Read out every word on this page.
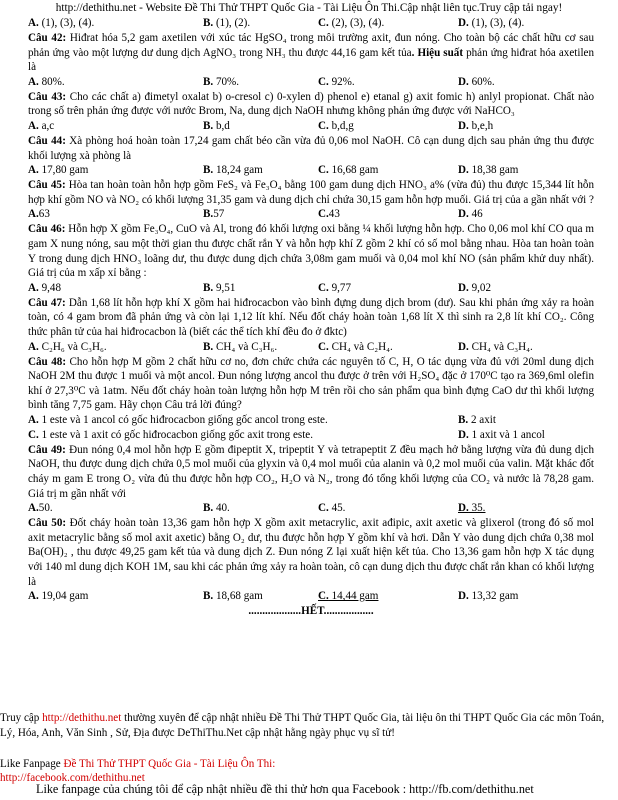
http://dethithu.net - Website Đề Thi Thử THPT Quốc Gia - Tài Liệu Ôn Thi.Cập nhật liên tục.Truy cập tải ngay!
A. (1), (3), (4).	B. (1), (2).	C. (2), (3), (4).	D. (1), (3), (4).

Câu 42: Hiđrat hóa 5,2 gam axetilen với xúc tác HgSO₄ trong môi trường axit, đun nóng. Cho toàn bộ các chất hữu cơ sau phản ứng vào một lượng dư dung dịch AgNO₃ trong NH₃ thu được 44,16 gam kết tủa. Hiệu suất phản ứng hiđrat hóa axetilen là

A. 80%.	B. 70%.	C. 92%.	D. 60%.

Câu 43: Cho các chất a) đimetyl oxalat b) o-cresol c) 0-xylen d) phenol e) etanal g) axit fomic h) anlyl propionat. Chất nào trong số trên phản ứng được với nước Brom, Na, dung dịch NaOH nhưng không phản ứng được với NaHCO₃

A. a,c	B. b,d	C. b,d,g	D. b,e,h

Câu 44: Xà phòng hoá hoàn toàn 17,24 gam chất béo cần vừa đủ 0,06 mol NaOH. Cô cạn dung dịch sau phản ứng thu được khối lượng xà phòng là

A. 17,80 gam	B. 18,24 gam	C. 16,68 gam	D. 18,38 gam

Câu 45: Hòa tan hoàn toàn hỗn hợp gồm FeS₂ và Fe₃O₄ bằng 100 gam dung dịch HNO₃ a% (vừa đủ) thu được 15,344 lít hỗn hợp khí gồm NO và NO₂ có khối lượng 31,35 gam và dung dịch chỉ chứa 30,15 gam hỗn hợp muối. Giá trị của a gần nhất với ?

A.63	B.57	C.43	D. 46

Câu 46: Hỗn hợp X gồm Fe₃O₄, CuO và Al, trong đó khối lượng oxi bằng ¼ khối lượng hỗn hợp. Cho 0,06 mol khí CO qua m gam X nung nóng, sau một thời gian thu được chất rắn Y và hỗn hợp khí Z gồm 2 khí có số mol bằng nhau. Hòa tan hoàn toàn Y trong dung dịch HNO₃ loãng dư, thu được dung dịch chứa 3,08m gam muối và 0,04 mol khí NO (sản phẩm khử duy nhất). Giá trị của m xấp xỉ bằng :

A. 9,48	B. 9,51	C. 9,77	D. 9,02

Câu 47: Dẫn 1,68 lít hỗn hợp khí X gồm hai hiđrocacbon vào bình đựng dung dịch brom (dư). Sau khi phản ứng xảy ra hoàn toàn, có 4 gam brom đã phản ứng và còn lại 1,12 lít khí. Nếu đốt cháy hoàn toàn 1,68 lít X thì sinh ra 2,8 lít khí CO₂. Công thức phân tử của hai hiđrocacbon là (biết các thể tích khí đều đo ở đktc)

A. C₂H₆ và C₃H₆.	B. CH₄ và C₃H₆.	C. CH₄ và C₂H₄.	D. CH₄ và C₃H₄.

Câu 48: Cho hỗn hợp M gồm 2 chất hữu cơ no, đơn chức chứa các nguyên tố C, H, O tác dụng vừa đủ với 20ml dung dịch NaOH 2M thu được 1 muối và một ancol. Đun nóng lượng ancol thu được ở trên với H₂SO₄ đặc ở 170⁰C tạo ra 369,6ml olefin khí ở 27,3⁰C và 1atm. Nếu đốt cháy hoàn toàn lượng hỗn hợp M trên rồi cho sản phẩm qua bình đựng CaO dư thì khối lượng bình tăng 7,75 gam. Hãy chọn Câu trả lời đúng?

A. 1 este và 1 ancol có gốc hiđrocacbon giống gốc ancol trong este.	B. 2 axit
C. 1 este và 1 axit có gốc hiđrocacbon giống gốc axit trong este.	D. 1 axit và 1 ancol

Câu 49: Đun nóng 0,4 mol hỗn hợp E gồm đipeptit X, tripeptit Y và tetrapeptit Z đều mạch hở bằng lượng vừa đủ dung dịch NaOH, thu được dung dịch chứa 0,5 mol muối của glyxin và 0,4 mol muối của alanin và 0,2 mol muối của valin. Mặt khác đốt cháy m gam E trong O₂ vừa đủ thu được hỗn hợp CO₂, H₂O và N₂, trong đó tổng khối lượng của CO₂ và nước là 78,28 gam. Giá trị m gần nhất với

A.50.	B. 40.	C. 45.	D. 35.

Câu 50: Đốt cháy hoàn toàn 13,36 gam hỗn hợp X gồm axit metacrylic, axit ađipic, axit axetic và glixerol (trong đó số mol axit metacrylic bằng số mol axit axetic) bằng O₂ dư, thu được hỗn hợp Y gồm khí và hơi. Dẫn Y vào dung dịch chứa 0,38 mol Ba(OH)₂ , thu được 49,25 gam kết tủa và dung dịch Z. Đun nóng Z lại xuất hiện kết tủa. Cho 13,36 gam hỗn hợp X tác dụng với 140 ml dung dịch KOH 1M, sau khi các phản ứng xảy ra hoàn toàn, cô cạn dung dịch thu được chất rắn khan có khối lượng là

A. 19,04 gam	B. 18,68 gam	C. 14,44 gam	D. 13,32 gam
...................HẾT..................

Truy cập http://dethithu.net thường xuyên để cập nhật nhiều Đề Thi Thử THPT Quốc Gia, tài liệu ôn thi THPT Quốc Gia các môn Toán, Lý, Hóa, Anh, Văn Sinh , Sử, Địa được DeThiThu.Net cập nhật hằng ngày phục vụ sĩ tử!

Like Fanpage Đề Thi Thử THPT Quốc Gia - Tài Liệu Ôn Thi:
http://facebook.com/dethithu.net
Like fanpage của chúng tôi để cập nhật nhiều đề thi thử hơn qua Facebook : http://fb.com/dethithu.net
